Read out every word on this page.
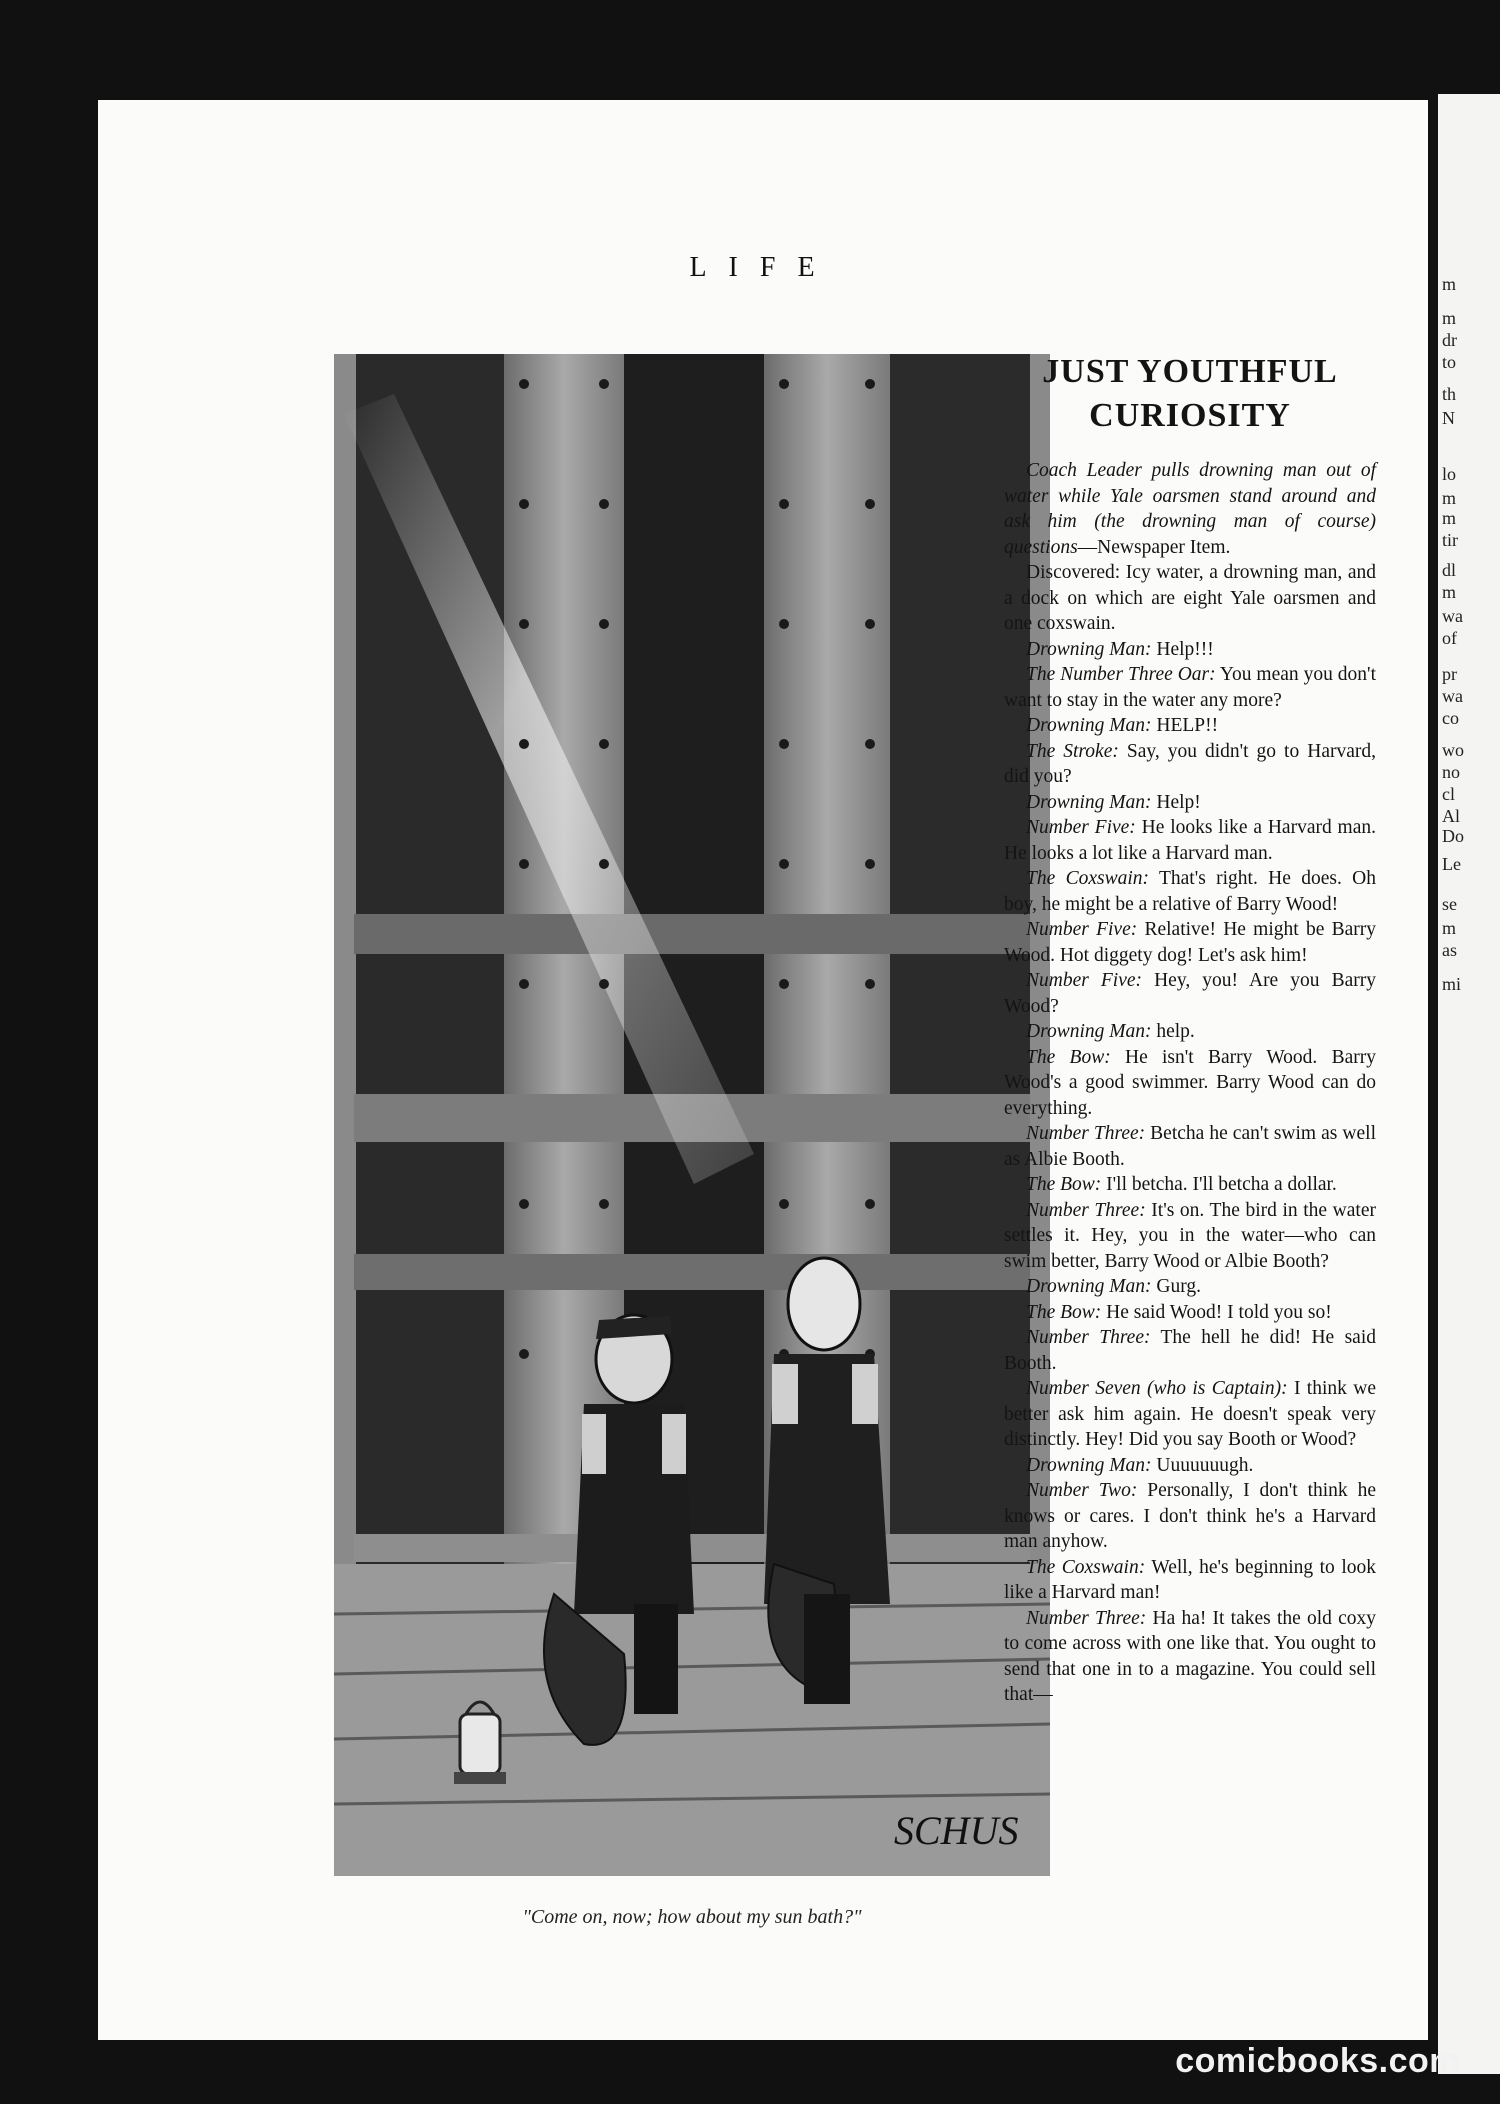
LIFE
SCHUS
"Come on, now; how about my sun bath?"
JUST YOUTHFUL
CURIOSITY

Coach Leader pulls drowning man out of water while Yale oarsmen stand around and ask him (the drowning man of course) questions—Newspaper Item.

Discovered: Icy water, a drowning man, and a dock on which are eight Yale oarsmen and one coxswain.

Drowning Man: Help!!!

The Number Three Oar: You mean you don't want to stay in the water any more?

Drowning Man: HELP!!

The Stroke: Say, you didn't go to Harvard, did you?

Drowning Man: Help!

Number Five: He looks like a Harvard man. He looks a lot like a Harvard man.

The Coxswain: That's right. He does. Oh boy, he might be a relative of Barry Wood!

Number Five: Relative! He might be Barry Wood. Hot diggety dog! Let's ask him!

Number Five: Hey, you! Are you Barry Wood?

Drowning Man: help.

The Bow: He isn't Barry Wood. Barry Wood's a good swimmer. Barry Wood can do everything.

Number Three: Betcha he can't swim as well as Albie Booth.

The Bow: I'll betcha. I'll betcha a dollar.

Number Three: It's on. The bird in the water settles it. Hey, you in the water—who can swim better, Barry Wood or Albie Booth?

Drowning Man: Gurg.

The Bow: He said Wood! I told you so!

Number Three: The hell he did! He said Booth.

Number Seven (who is Captain): I think we better ask him again. He doesn't speak very distinctly. Hey! Did you say Booth or Wood?

Drowning Man: Uuuuuuugh.

Number Two: Personally, I don't think he knows or cares. I don't think he's a Harvard man anyhow.

The Coxswain: Well, he's beginning to look like a Harvard man!

Number Three: Ha ha! It takes the old coxy to come across with one like that. You ought to send that one in to a magazine. You could sell that—

20
m
m
dr
to
th
N
lo
m
m
tir
dl
m
wa
of
pr
wa
co
wo
no
cl
Al
Do
Le
se
m
as
mi
comicbooks.com
